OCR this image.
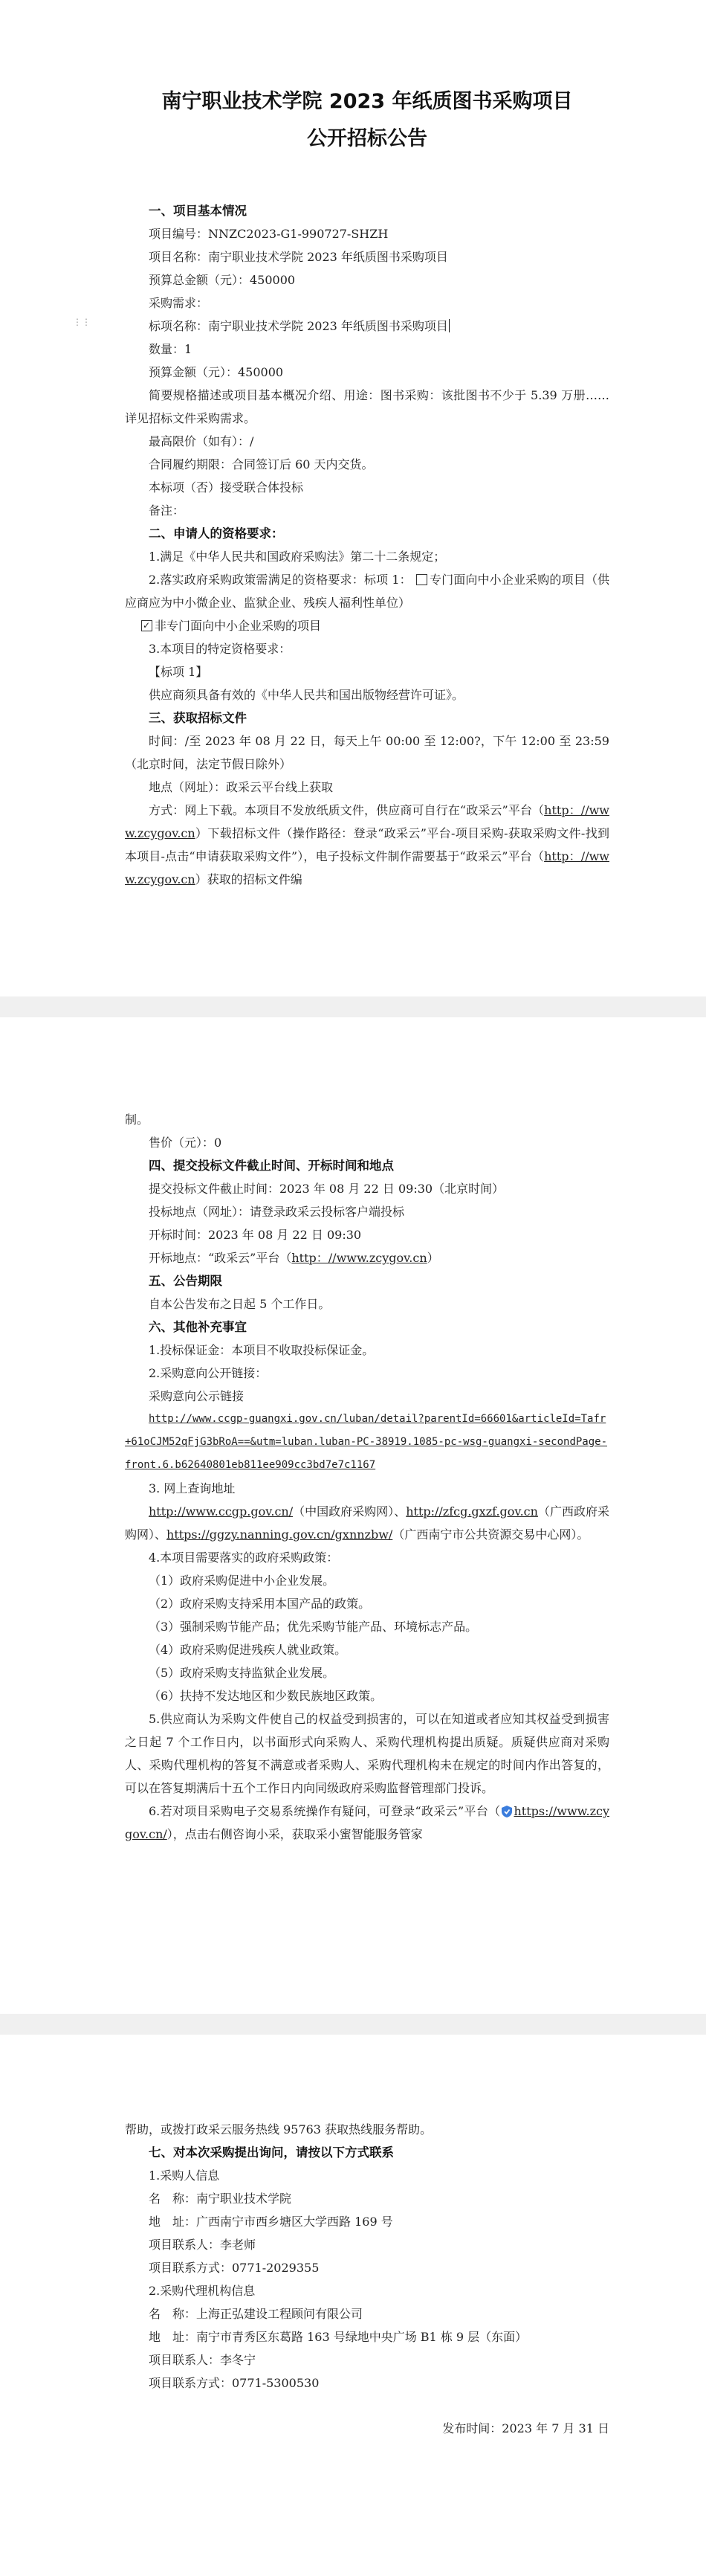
南宁职业技术学院 2023 年纸质图书采购项目
公开招标公告
一、项目基本情况
项目编号：NNZC2023-G1-990727-SHZH
项目名称：南宁职业技术学院 2023 年纸质图书采购项目
预算总金额（元）：450000
采购需求：
标项名称：南宁职业技术学院 2023 年纸质图书采购项目
数量：1
预算金额（元）：450000
简要规格描述或项目基本概况介绍、用途：图书采购：该批图书不少于 5.39 万册……详见招标文件采购需求。
最高限价（如有）：/
合同履约期限：合同签订后 60 天内交货。
本标项（否）接受联合体投标
备注：
二、申请人的资格要求：
1.满足《中华人民共和国政府采购法》第二十二条规定；
2.落实政府采购政策需满足的资格要求：标项 1： 专门面向中小企业采购的项目（供应商应为中小微企业、监狱企业、残疾人福利性单位）
✓非专门面向中小企业采购的项目
3.本项目的特定资格要求：
【标项 1】
供应商须具备有效的《中华人民共和国出版物经营许可证》。
三、获取招标文件
时间：/至 2023 年 08 月 22 日，每天上午 00:00 至 12:00?，下午 12:00 至 23:59（北京时间，法定节假日除外）
地点（网址）：政采云平台线上获取
方式：网上下载。本项目不发放纸质文件，供应商可自行在“政采云”平台（http：//www.zcygov.cn）下载招标文件（操作路径：登录“政采云”平台-项目采购-获取采购文件-找到本项目-点击“申请获取采购文件”），电子投标文件制作需要基于“政采云”平台（http：//www.zcygov.cn）获取的招标文件编
⋮⋮
制。
售价（元）：0
四、提交投标文件截止时间、开标时间和地点
提交投标文件截止时间：2023 年 08 月 22 日 09:30（北京时间）
投标地点（网址）：请登录政采云投标客户端投标
开标时间：2023 年 08 月 22 日 09:30
开标地点：“政采云”平台（http：//www.zcygov.cn）
五、公告期限
自本公告发布之日起 5 个工作日。
六、其他补充事宜
1.投标保证金：本项目不收取投标保证金。
2.采购意向公开链接：
采购意向公示链接
http://www.ccgp-guangxi.gov.cn/luban/detail?parentId=66601&articleId=Tafr+61oCJM52qFjG3bRoA==&utm=luban.luban-PC-38919.1085-pc-wsg-guangxi-secondPage-front.6.b62640801eb811ee909cc3bd7e7c1167
3. 网上查询地址
http://www.ccgp.gov.cn/（中国政府采购网）、http://zfcg.gxzf.gov.cn（广西政府采购网）、https://ggzy.nanning.gov.cn/gxnnzbw/（广西南宁市公共资源交易中心网）。
4.本项目需要落实的政府采购政策：
（1）政府采购促进中小企业发展。
（2）政府采购支持采用本国产品的政策。
（3）强制采购节能产品；优先采购节能产品、环境标志产品。
（4）政府采购促进残疾人就业政策。
（5）政府采购支持监狱企业发展。
（6）扶持不发达地区和少数民族地区政策。
5.供应商认为采购文件使自己的权益受到损害的，可以在知道或者应知其权益受到损害之日起 7 个工作日内，以书面形式向采购人、采购代理机构提出质疑。质疑供应商对采购人、采购代理机构的答复不满意或者采购人、采购代理机构未在规定的时间内作出答复的，可以在答复期满后十五个工作日内向同级政府采购监督管理部门投诉。
6.若对项目采购电子交易系统操作有疑问，可登录“政采云”平台（ https://www.zcygov.cn/），点击右侧咨询小采，获取采小蜜智能服务管家
帮助，或拨打政采云服务热线 95763 获取热线服务帮助。
七、对本次采购提出询问，请按以下方式联系
1.采购人信息
名　称：南宁职业技术学院
地　址：广西南宁市西乡塘区大学西路 169 号
项目联系人：李老师
项目联系方式：0771-2029355
2.采购代理机构信息
名　称：上海正弘建设工程顾问有限公司
地　址：南宁市青秀区东葛路 163 号绿地中央广场 B1 栋 9 层（东面）
项目联系人：李冬宁
项目联系方式：0771-5300530
发布时间：2023 年 7 月 31 日
